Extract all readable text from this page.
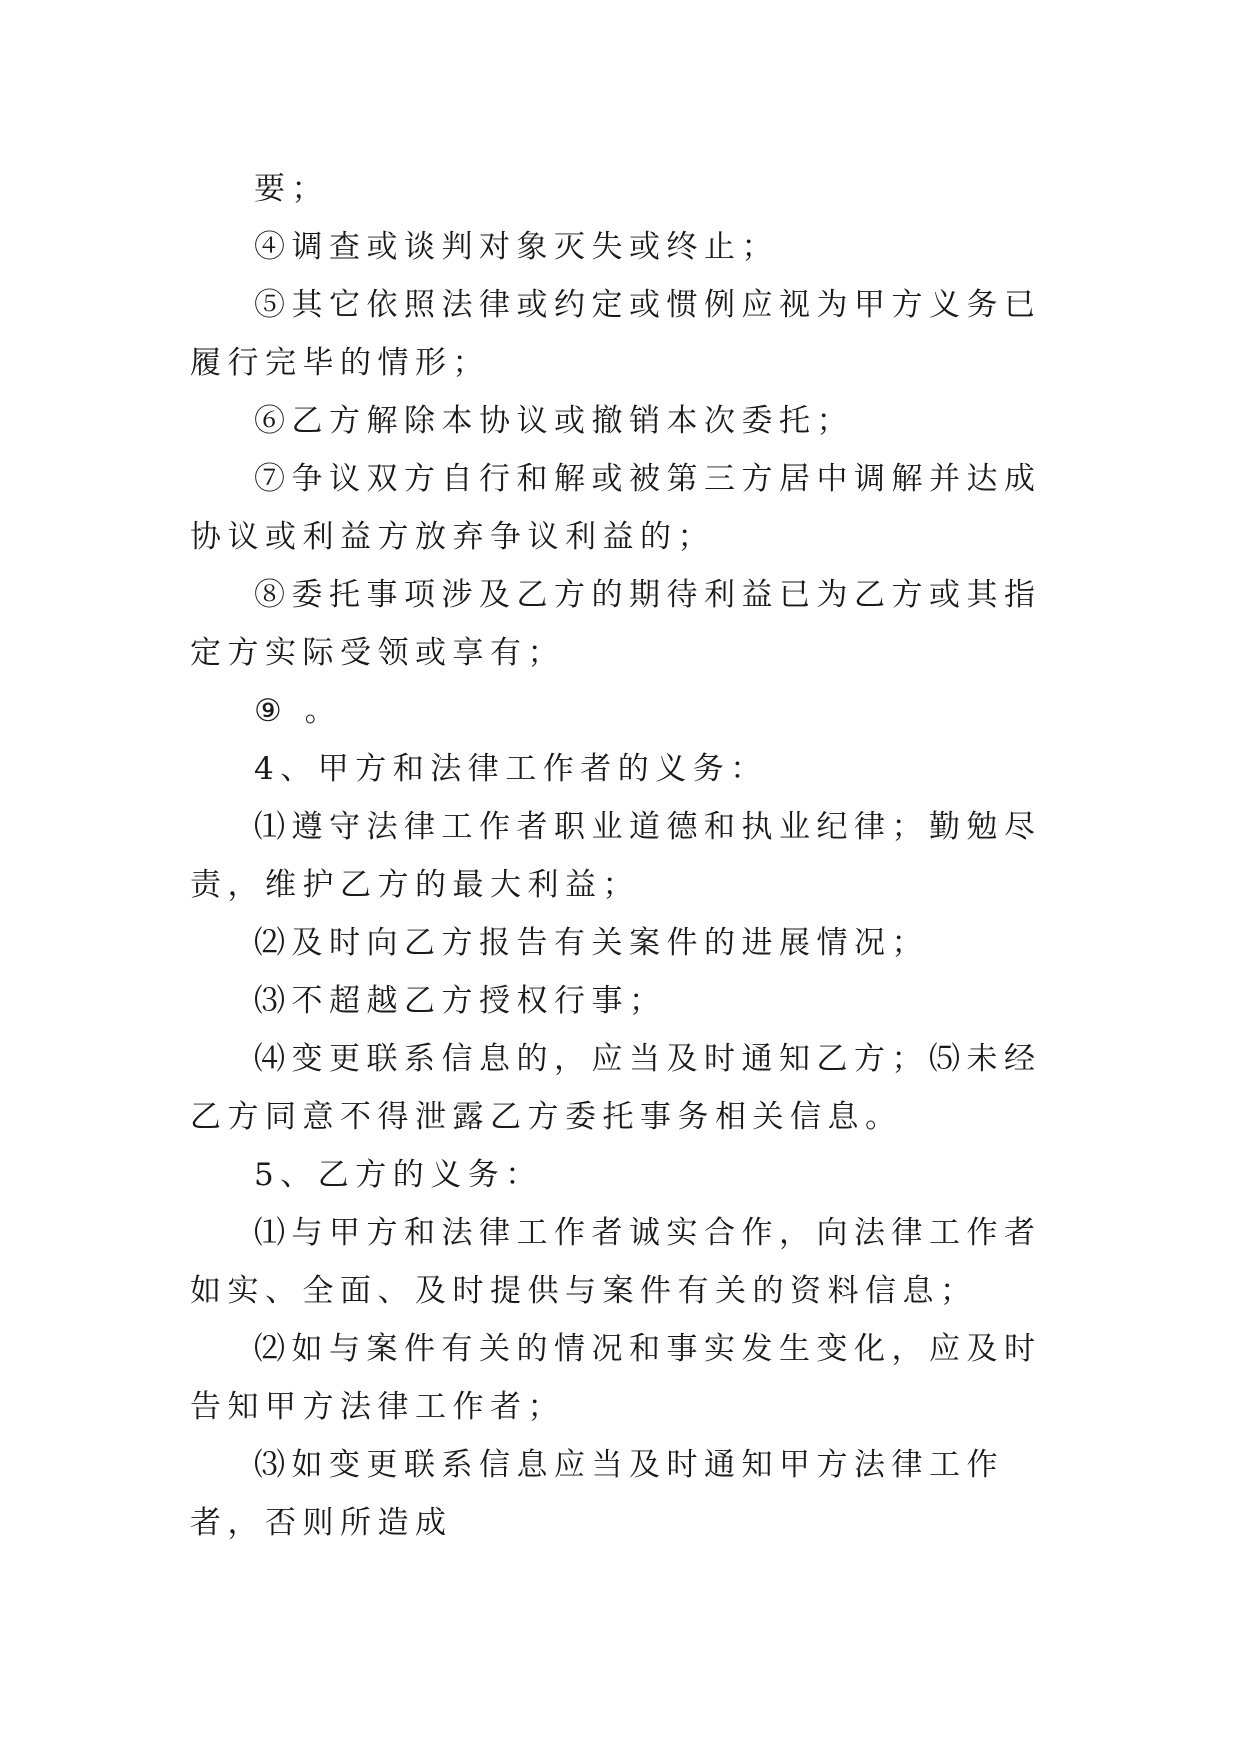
要；

④调查或谈判对象灭失或终止；

⑤其它依照法律或约定或惯例应视为甲方义务已履行完毕的情形；

⑥乙方解除本协议或撤销本次委托；

⑦争议双方自行和解或被第三方居中调解并达成协议或利益方放弃争议利益的；

⑧委托事项涉及乙方的期待利益已为乙方或其指定方实际受领或享有；

⑨ 。

4、甲方和法律工作者的义务：

⑴遵守法律工作者职业道德和执业纪律；勤勉尽责，维护乙方的最大利益；

⑵及时向乙方报告有关案件的进展情况；

⑶不超越乙方授权行事；

⑷变更联系信息的，应当及时通知乙方；⑸未经乙方同意不得泄露乙方委托事务相关信息。

5、乙方的义务：

⑴与甲方和法律工作者诚实合作，向法律工作者如实、全面、及时提供与案件有关的资料信息；

⑵如与案件有关的情况和事实发生变化，应及时告知甲方法律工作者；

⑶如变更联系信息应当及时通知甲方法律工作者，否则所造成
